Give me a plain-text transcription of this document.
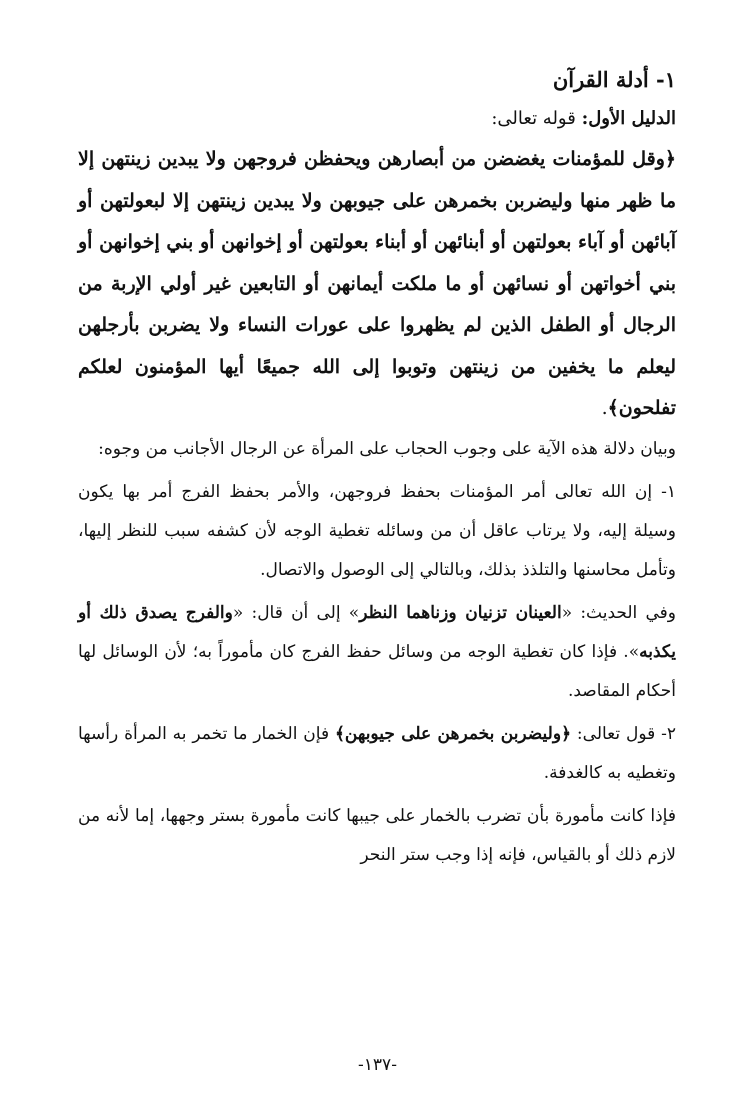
١- أدلة القرآن

الدليل الأول: قوله تعالى:

﴿وقل للمؤمنات يغضضن من أبصارهن ويحفظن فروجهن ولا يبدين زينتهن إلا ما ظهر منها وليضربن بخمرهن على جيوبهن ولا يبدين زينتهن إلا لبعولتهن أو آبائهن أو آباء بعولتهن أو أبنائهن أو أبناء بعولتهن أو إخوانهن أو بني إخوانهن أو بني أخواتهن أو نسائهن أو ما ملكت أيمانهن أو التابعين غير أولي الإربة من الرجال أو الطفل الذين لم يظهروا على عورات النساء ولا يضربن بأرجلهن ليعلم ما يخفين من زينتهن وتوبوا إلى الله جميعًا أيها المؤمنون لعلكم تفلحون﴾.

وبيان دلالة هذه الآية على وجوب الحجاب على المرأة عن الرجال الأجانب من وجوه:

١- إن الله تعالى أمر المؤمنات بحفظ فروجهن، والأمر بحفظ الفرج أمر بها يكون وسيلة إليه، ولا يرتاب عاقل أن من وسائله تغطية الوجه لأن كشفه سبب للنظر إليها، وتأمل محاسنها والتلذذ بذلك، وبالتالي إلى الوصول والاتصال.

وفي الحديث: «العينان تزنيان وزناهما النظر» إلى أن قال: «والفرج يصدق ذلك أو يكذبه». فإذا كان تغطية الوجه من وسائل حفظ الفرج كان مأموراً به؛ لأن الوسائل لها أحكام المقاصد.

٢- قول تعالى: ﴿وليضربن بخمرهن على جيوبهن﴾ فإن الخمار ما تخمر به المرأة رأسها وتغطيه به كالغدفة.

فإذا كانت مأمورة بأن تضرب بالخمار على جيبها كانت مأمورة بستر وجهها، إما لأنه من لازم ذلك أو بالقياس، فإنه إذا وجب ستر النحر

-١٣٧-
